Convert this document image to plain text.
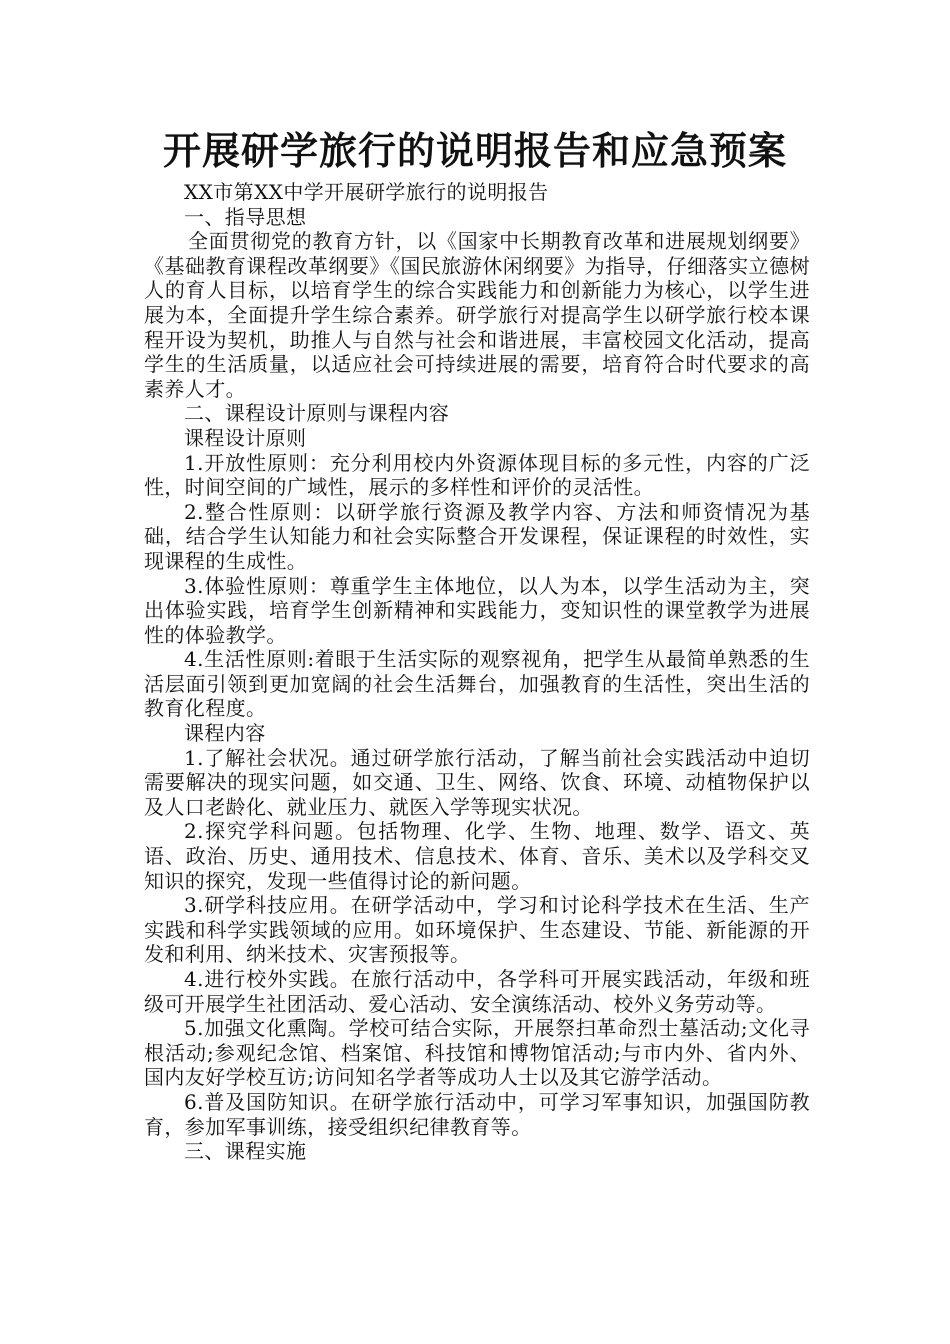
开展研学旅行的说明报告和应急预案

XX市第XX中学开展研学旅行的说明报告

一、指导思想

全面贯彻党的教育方针，以《国家中长期教育改革和进展规划纲要》《基础教育课程改革纲要》《国民旅游休闲纲要》为指导，仔细落实立德树人的育人目标，以培育学生的综合实践能力和创新能力为核心，以学生进展为本，全面提升学生综合素养。研学旅行对提高学生以研学旅行校本课程开设为契机，助推人与自然与社会和谐进展，丰富校园文化活动，提高学生的生活质量，以适应社会可持续进展的需要，培育符合时代要求的高素养人才。

二、课程设计原则与课程内容

课程设计原则

1.开放性原则：充分利用校内外资源体现目标的多元性，内容的广泛性，时间空间的广域性，展示的多样性和评价的灵活性。

2.整合性原则：以研学旅行资源及教学内容、方法和师资情况为基础，结合学生认知能力和社会实际整合开发课程，保证课程的时效性，实现课程的生成性。

3.体验性原则：尊重学生主体地位，以人为本，以学生活动为主，突出体验实践，培育学生创新精神和实践能力，变知识性的课堂教学为进展性的体验教学。

4.生活性原则:着眼于生活实际的观察视角，把学生从最简单熟悉的生活层面引领到更加宽阔的社会生活舞台，加强教育的生活性，突出生活的教育化程度。

课程内容

1.了解社会状况。通过研学旅行活动，了解当前社会实践活动中迫切需要解决的现实问题，如交通、卫生、网络、饮食、环境、动植物保护以及人口老龄化、就业压力、就医入学等现实状况。

2.探究学科问题。包括物理、化学、生物、地理、数学、语文、英语、政治、历史、通用技术、信息技术、体育、音乐、美术以及学科交叉知识的探究，发现一些值得讨论的新问题。

3.研学科技应用。在研学活动中，学习和讨论科学技术在生活、生产实践和科学实践领域的应用。如环境保护、生态建设、节能、新能源的开发和利用、纳米技术、灾害预报等。

4.进行校外实践。在旅行活动中，各学科可开展实践活动，年级和班级可开展学生社团活动、爱心活动、安全演练活动、校外义务劳动等。

5.加强文化熏陶。学校可结合实际，开展祭扫革命烈士墓活动;文化寻根活动;参观纪念馆、档案馆、科技馆和博物馆活动;与市内外、省内外、国内友好学校互访;访问知名学者等成功人士以及其它游学活动。

6.普及国防知识。在研学旅行活动中，可学习军事知识，加强国防教育，参加军事训练，接受组织纪律教育等。

三、课程实施
